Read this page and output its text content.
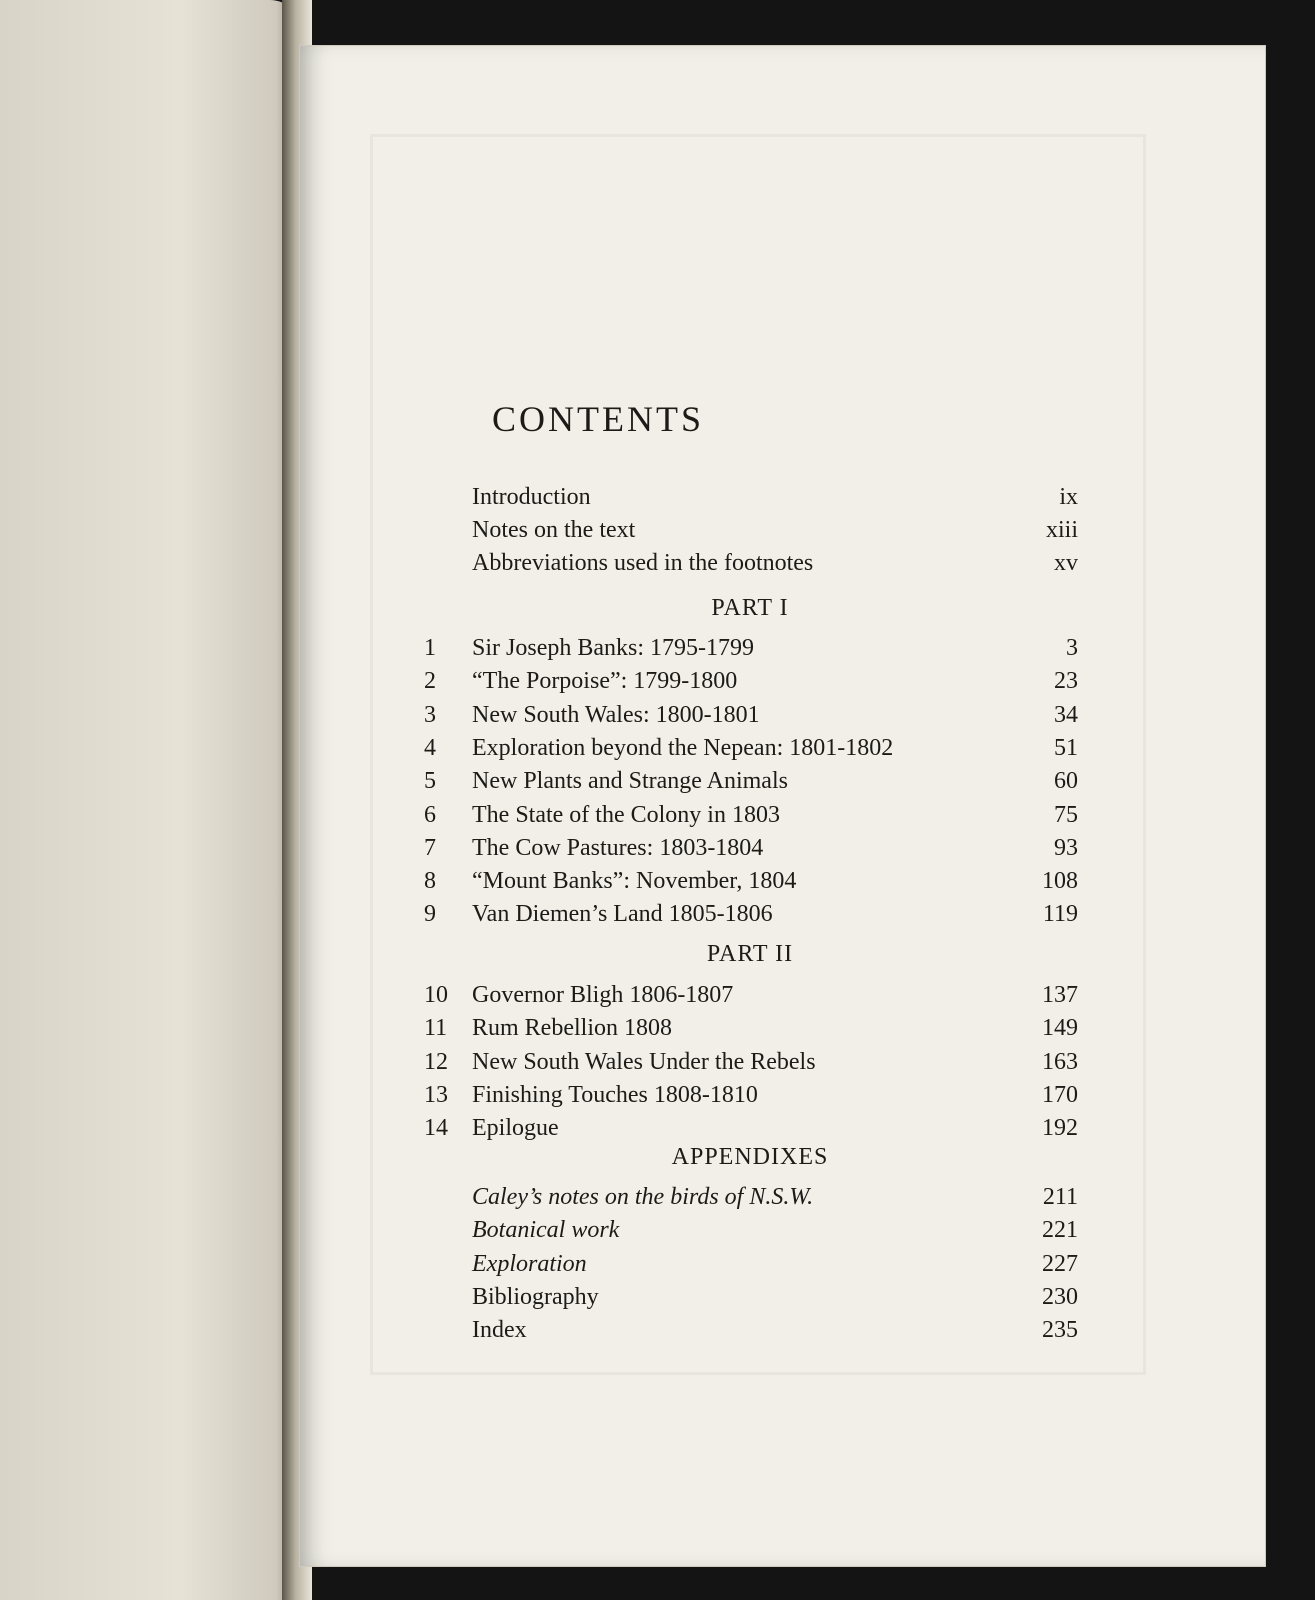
CONTENTS
Introduction	ix
Notes on the text	xiii
Abbreviations used in the footnotes	xv
PART I
1	Sir Joseph Banks: 1795-1799	3
2	“The Porpoise”: 1799-1800	23
3	New South Wales: 1800-1801	34
4	Exploration beyond the Nepean: 1801-1802	51
5	New Plants and Strange Animals	60
6	The State of the Colony in 1803	75
7	The Cow Pastures: 1803-1804	93
8	“Mount Banks”: November, 1804	108
9	Van Diemen’s Land 1805-1806	119
PART II
10	Governor Bligh 1806-1807	137
11	Rum Rebellion 1808	149
12	New South Wales Under the Rebels	163
13	Finishing Touches 1808-1810	170
14	Epilogue	192
APPENDIXES
Caley’s notes on the birds of N.S.W.	211
Botanical work	221
Exploration	227
Bibliography	230
Index	235
